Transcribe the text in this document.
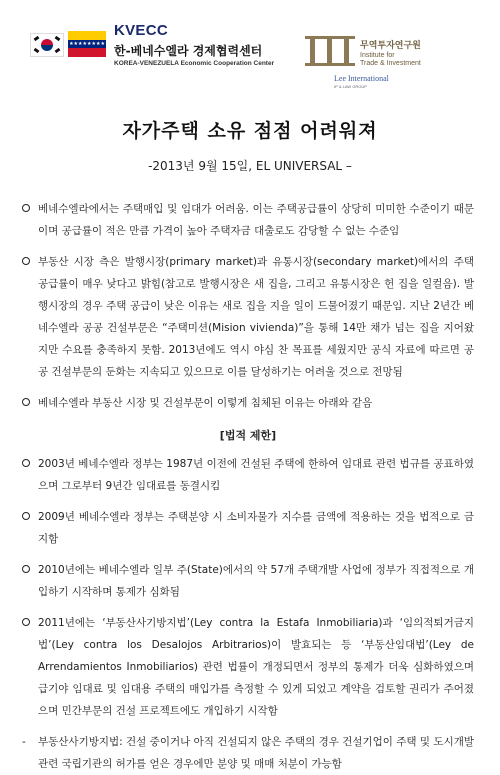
★★★★★★★★
KVECC
한-베네수엘라 경제협력센터
KOREA-VENEZUELA Economic Cooperation Center
무역투자연구원
Institute for
Trade & Investment
Lee International
IP & LAW GROUP
자가주택 소유 점점 어려워져
-2013년 9월 15일, EL UNIVERSAL –

베네수엘라에서는 주택매입 및 임대가 어려움. 이는 주택공급률이 상당히 미미한 수준이기 때문이며 공급률이 적은 만큼 가격이 높아 주택자금 대출로도 감당할 수 없는 수준임

부동산 시장 측은 발행시장(primary market)과 유통시장(secondary market)에서의 주택 공급률이 매우 낮다고 밝힘(참고로 발행시장은 새 집을, 그리고 유통시장은 헌 집을 일컬음). 발행시장의 경우 주택 공급이 낮은 이유는 새로 집을 지을 일이 드물어졌기 때문임. 지난 2년간 베네수엘라 공공 건설부문은 “주택미션(Mision vivienda)”을 통해 14만 채가 넘는 집을 지어왔지만 수요를 충족하지 못함. 2013년에도 역시 야심 찬 목표를 세웠지만 공식 자료에 따르면 공공 건설부문의 둔화는 지속되고 있으므로 이를 달성하기는 어려울 것으로 전망됨

베네수엘라 부동산 시장 및 건설부문이 이렇게 침체된 이유는 아래와 같음

[법적 제한]

2003년 베네수엘라 정부는 1987년 이전에 건설된 주택에 한하여 임대료 관련 법규를 공표하였으며 그로부터 9년간 임대료를 동결시킴

2009년 베네수엘라 정부는 주택분양 시 소비자물가 지수를 금액에 적용하는 것을 법적으로 금지함

2010년에는 베네수엘라 일부 주(State)에서의 약 57개 주택개발 사업에 정부가 직접적으로 개입하기 시작하며 통제가 심화됨

2011년에는 ‘부동산사기방지법’(Ley contra la Estafa Inmobiliaria)과 ‘임의적퇴거금지법’(Ley contra los Desalojos Arbitrarios)이 발효되는 등 ‘부동산임대법’(Ley de Arrendamientos Inmobiliarios) 관련 법률이 개정되면서 정부의 통제가 더욱 심화하였으며 급기야 임대료 및 임대용 주택의 매입가를 측정할 수 있게 되었고 계약을 검토할 권리가 주어졌으며 민간부문의 건설 프로젝트에도 개입하기 시작함

- 부동산사기방지법: 건설 중이거나 아직 건설되지 않은 주택의 경우 건설기업이 주택 및 도시개발 관련 국립기관의 허가를 얻은 경우에만 분양 및 매매 처분이 가능함
